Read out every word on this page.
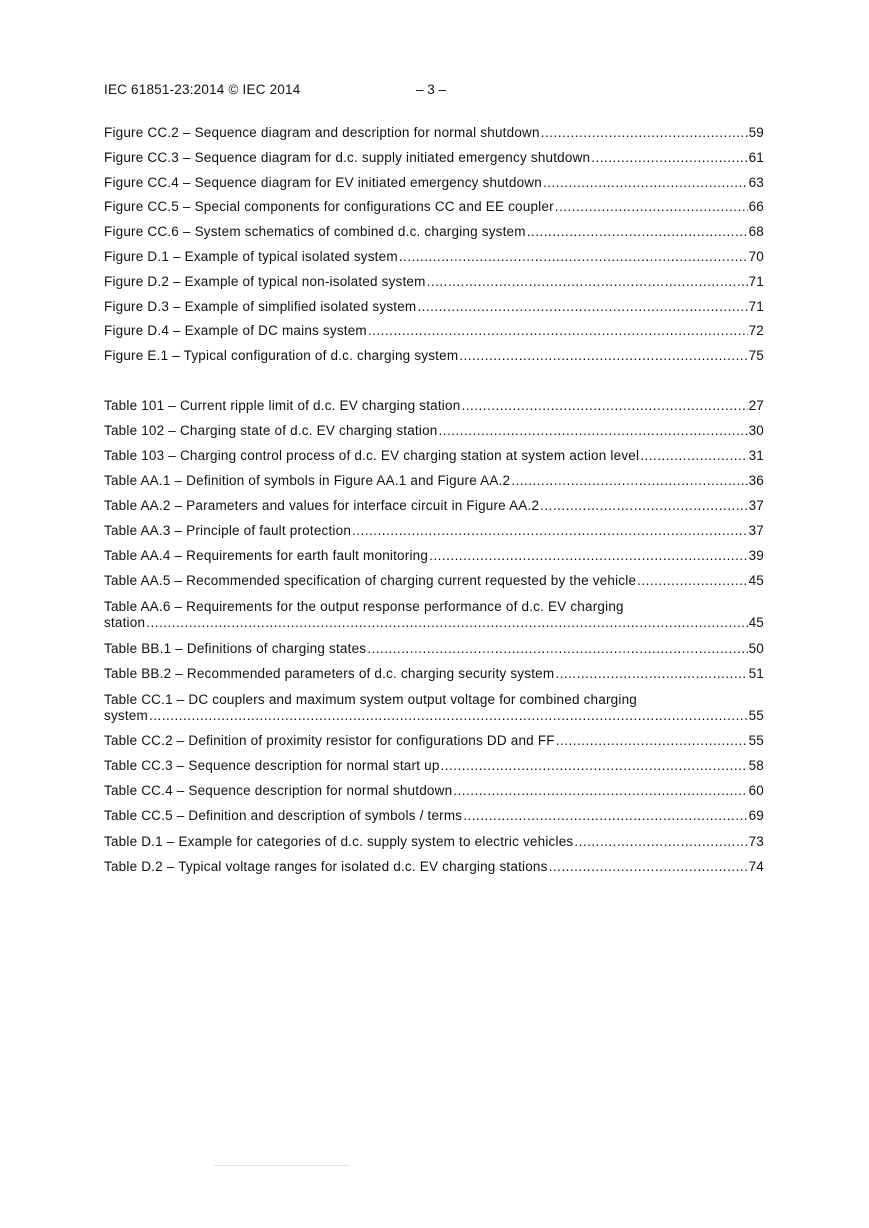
IEC 61851-23:2014 © IEC 2014	– 3 –
Figure CC.2 – Sequence diagram and description for normal shutdown .....	59
Figure CC.3 – Sequence diagram for d.c. supply initiated emergency shutdown .....	61
Figure CC.4 – Sequence diagram for EV initiated emergency shutdown .....	63
Figure CC.5 – Special components for configurations CC and EE coupler .....	66
Figure CC.6 – System schematics of combined d.c. charging system .....	68
Figure D.1 – Example of typical isolated system .....	70
Figure D.2 – Example of typical non-isolated system .....	71
Figure D.3 – Example of simplified isolated system .....	71
Figure D.4 – Example of DC mains system .....	72
Figure E.1 – Typical configuration of d.c. charging system .....	75
Table 101 – Current ripple limit of d.c. EV charging station .....	27
Table 102 – Charging state of d.c. EV charging station .....	30
Table 103 – Charging control process of d.c. EV charging station at system action level .....	31
Table AA.1 – Definition of symbols in Figure AA.1 and Figure AA.2 .....	36
Table AA.2 – Parameters and values for interface circuit in Figure AA.2 .....	37
Table AA.3 – Principle of fault protection .....	37
Table AA.4 – Requirements for earth fault monitoring .....	39
Table AA.5 – Recommended specification of charging current requested by the vehicle .....	45
Table AA.6 – Requirements for the output response performance of d.c. EV charging
station .....	45
Table BB.1 – Definitions of charging states .....	50
Table BB.2 – Recommended parameters of d.c. charging security system .....	51
Table CC.1 – DC couplers and maximum system output voltage for combined charging
system .....	55
Table CC.2 – Definition of proximity resistor for configurations DD and FF .....	55
Table CC.3 – Sequence description for normal start up .....	58
Table CC.4 – Sequence description for normal shutdown .....	60
Table CC.5 – Definition and description of symbols / terms .....	69
Table D.1 – Example for categories of d.c. supply system to electric vehicles .....	73
Table D.2 – Typical voltage ranges for isolated d.c. EV charging stations .....	74
